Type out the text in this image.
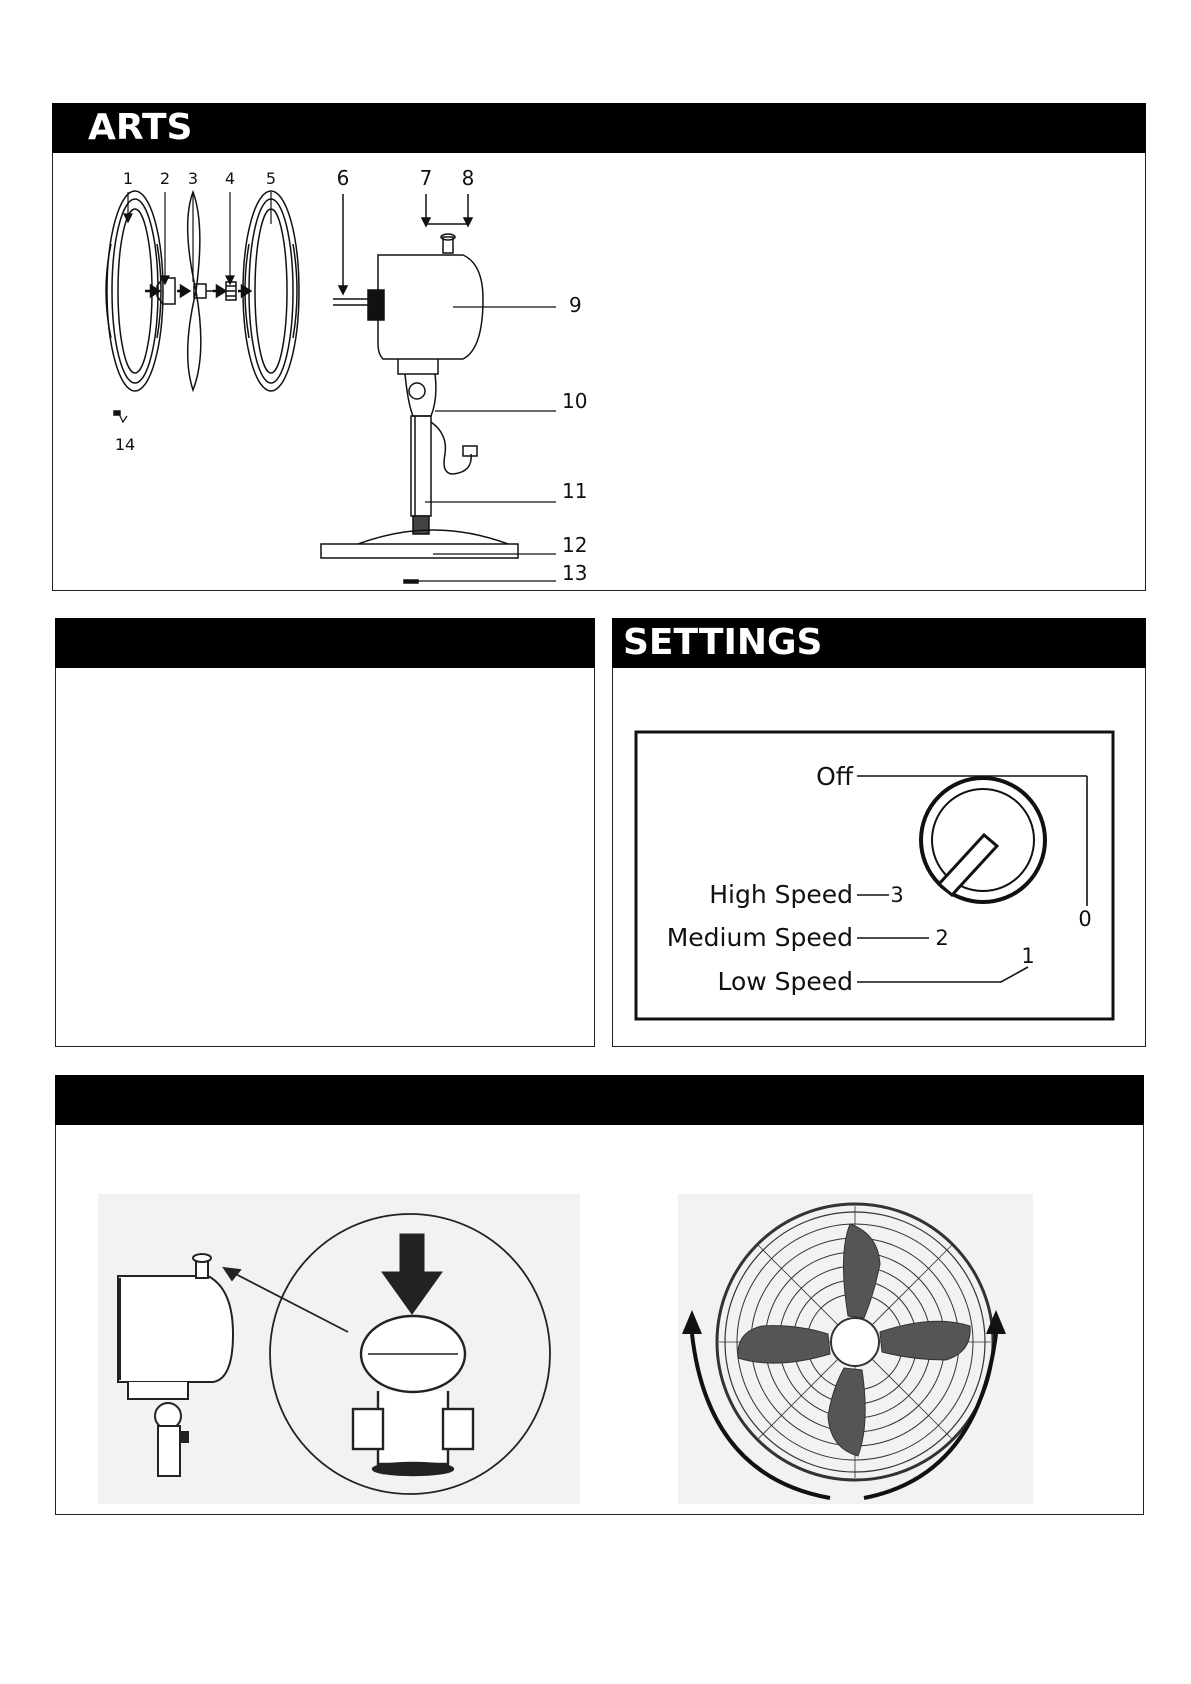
ARTS
1 2 3 4 5
14
6	7 8
9
10
11
12
13
SETTINGS
Off
High Speed
Medium Speed
Low Speed
0
3
2
1
